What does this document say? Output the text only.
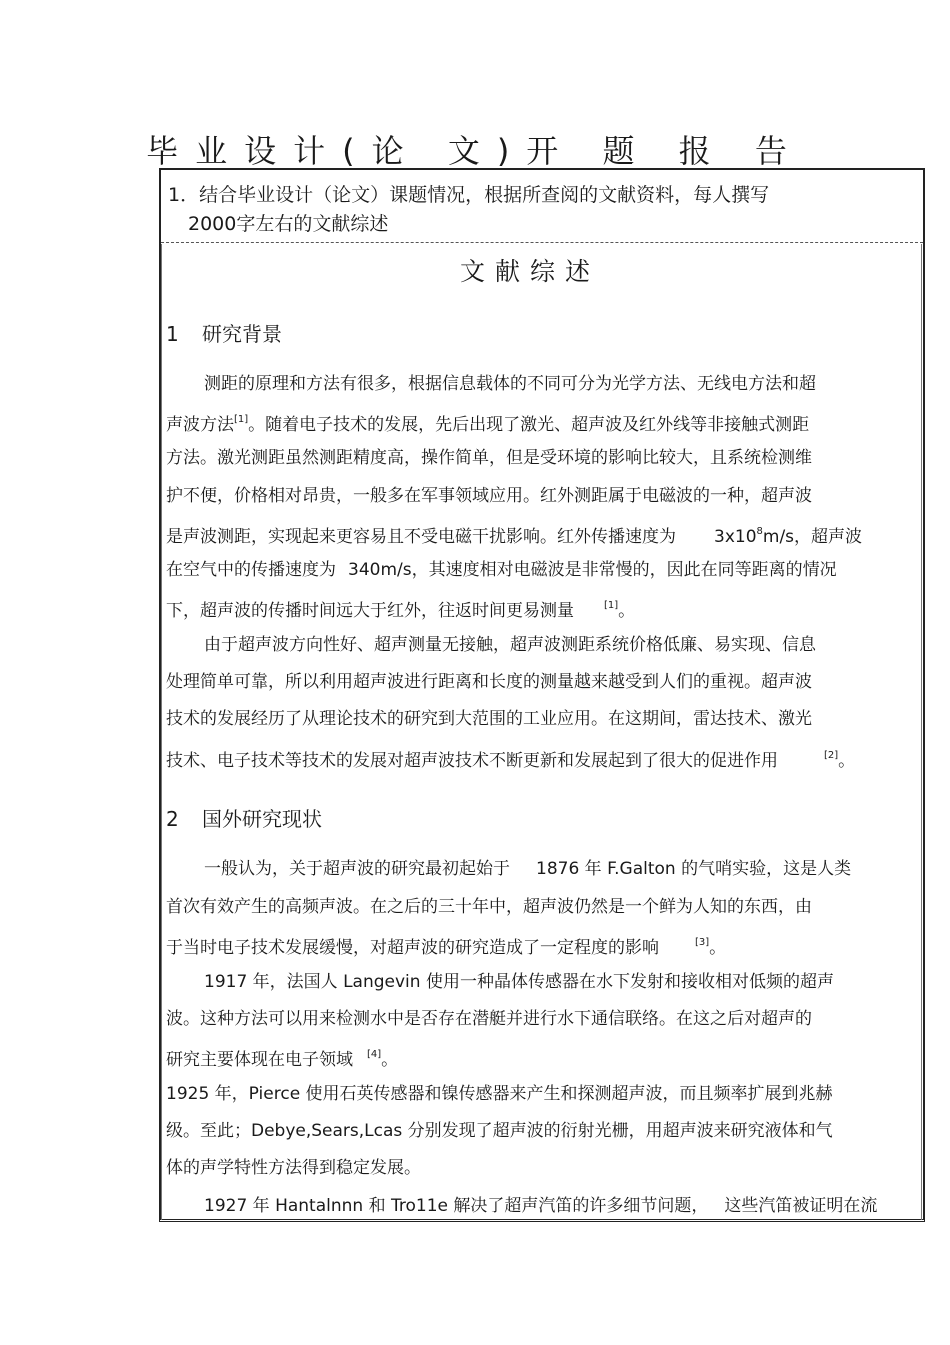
毕业设计(论 文)开 题 报 告
1．结合毕业设计（论文）课题情况，根据所查阅的文献资料，每人撰写
2000字左右的文献综述
文献综述
1 研究背景
测距的原理和方法有很多，根据信息载体的不同可分为光学方法、无线电方法和超
声波方法[1]。随着电子技术的发展，先后出现了激光、超声波及红外线等非接触式测距
方法。激光测距虽然测距精度高，操作简单，但是受环境的影响比较大，且系统检测维
护不便，价格相对昂贵，一般多在军事领域应用。红外测距属于电磁波的一种，超声波
是声波测距，实现起来更容易且不受电磁干扰影响。红外传播速度为 $3x10^8m/s$，超声波
在空气中的传播速度为 340m/s，其速度相对电磁波是非常慢的，因此在同等距离的情况
下，超声波的传播时间远大于红外，往返时间更易测量	[1]。
由于超声波方向性好、超声测量无接触，超声波测距系统价格低廉、易实现、信息
处理简单可靠，所以利用超声波进行距离和长度的测量越来越受到人们的重视。超声波
技术的发展经历了从理论技术的研究到大范围的工业应用。在这期间，雷达技术、激光
技术、电子技术等技术的发展对超声波技术不断更新和发展起到了很大的促进作用	[2]。
2 国外研究现状
一般认为，关于超声波的研究最初起始于 1876 年 F.Galton 的气哨实验，这是人类
首次有效产生的高频声波。在之后的三十年中，超声波仍然是一个鲜为人知的东西，由
于当时电子技术发展缓慢，对超声波的研究造成了一定程度的影响	[3]。
1917 年，法国人 Langevin 使用一种晶体传感器在水下发射和接收相对低频的超声
波。这种方法可以用来检测水中是否存在潜艇并进行水下通信联络。在这之后对超声的
研究主要体现在电子领域 [4]。
1925 年，Pierce 使用石英传感器和镍传感器来产生和探测超声波，而且频率扩展到兆赫
级。至此；Debye,Sears,Lcas 分别发现了超声波的衍射光栅，用超声波来研究液体和气
体的声学特性方法得到稳定发展。
1927 年 Hantalnnn 和 Tro11e 解决了超声汽笛的许多细节问题， 这些汽笛被证明在流
